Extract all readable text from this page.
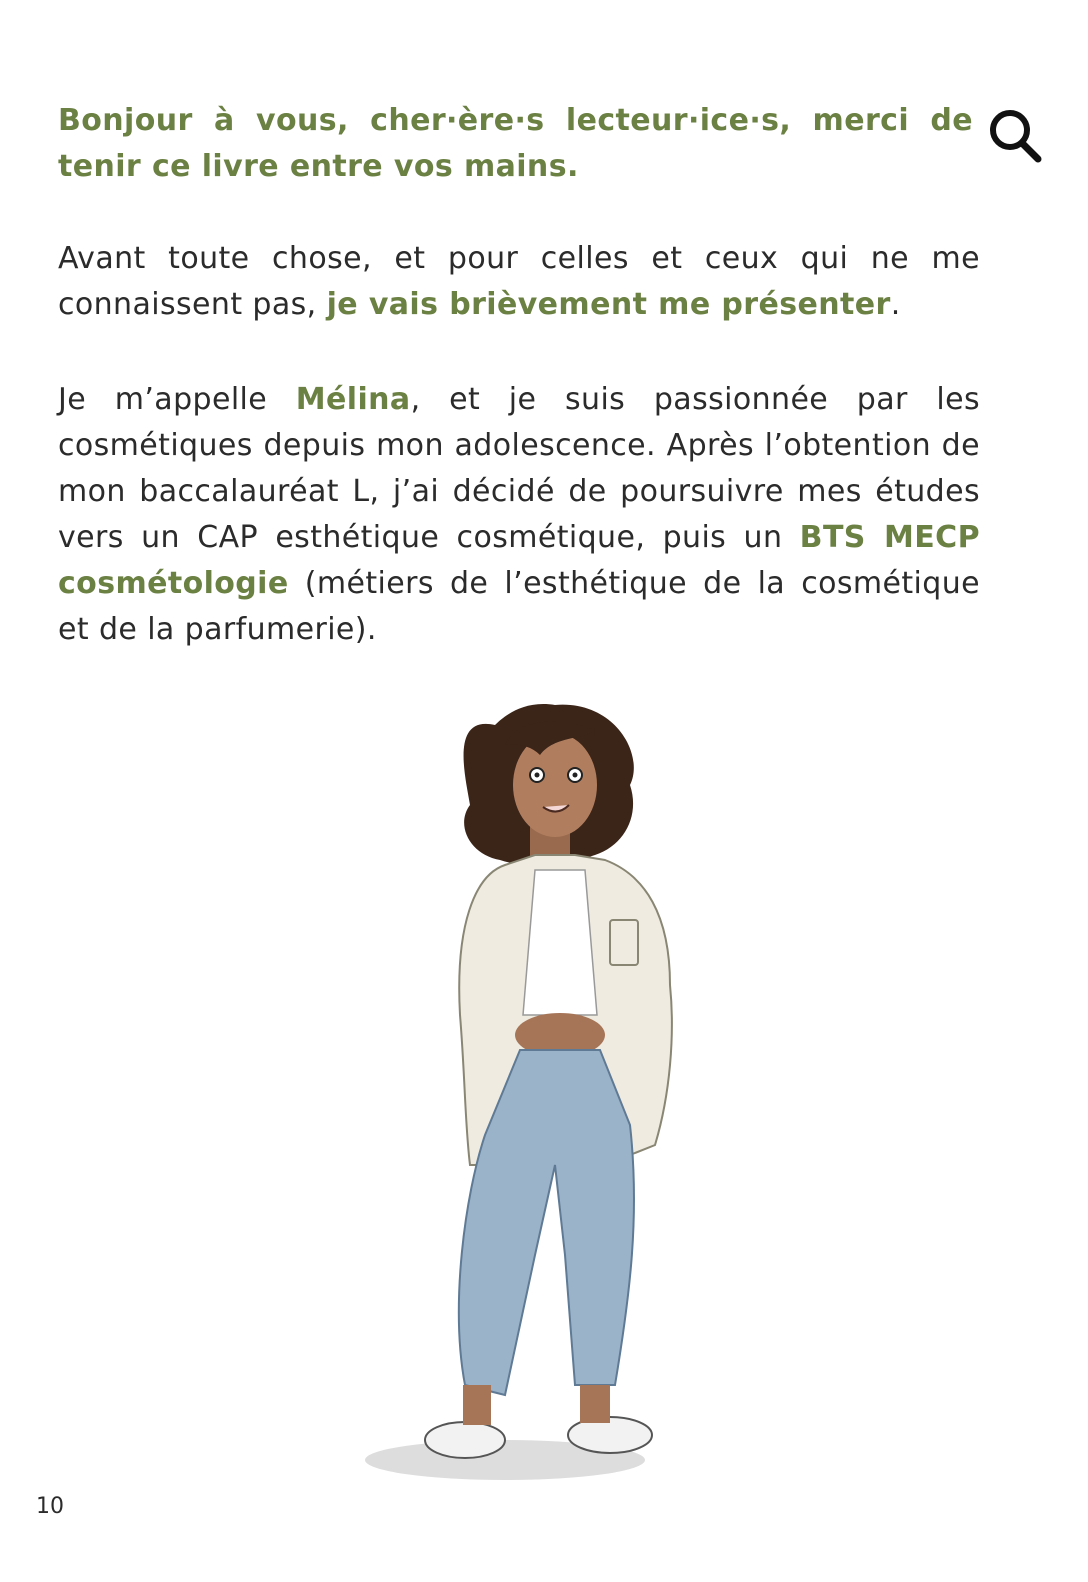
Bonjour à vous, cher·ère·s lecteur·ice·s, merci de tenir ce livre entre vos mains.

Avant toute chose, et pour celles et ceux qui ne me connaissent pas, je vais brièvement me présenter.

Je m’appelle Mélina, et je suis passionnée par les cosmétiques depuis mon adolescence. Après l’obtention de mon baccalauréat L, j’ai décidé de poursuivre mes études vers un CAP esthétique cosmétique, puis un BTS MECP cosmétologie (métiers de l’esthétique de la cosmétique et de la parfumerie).

10
